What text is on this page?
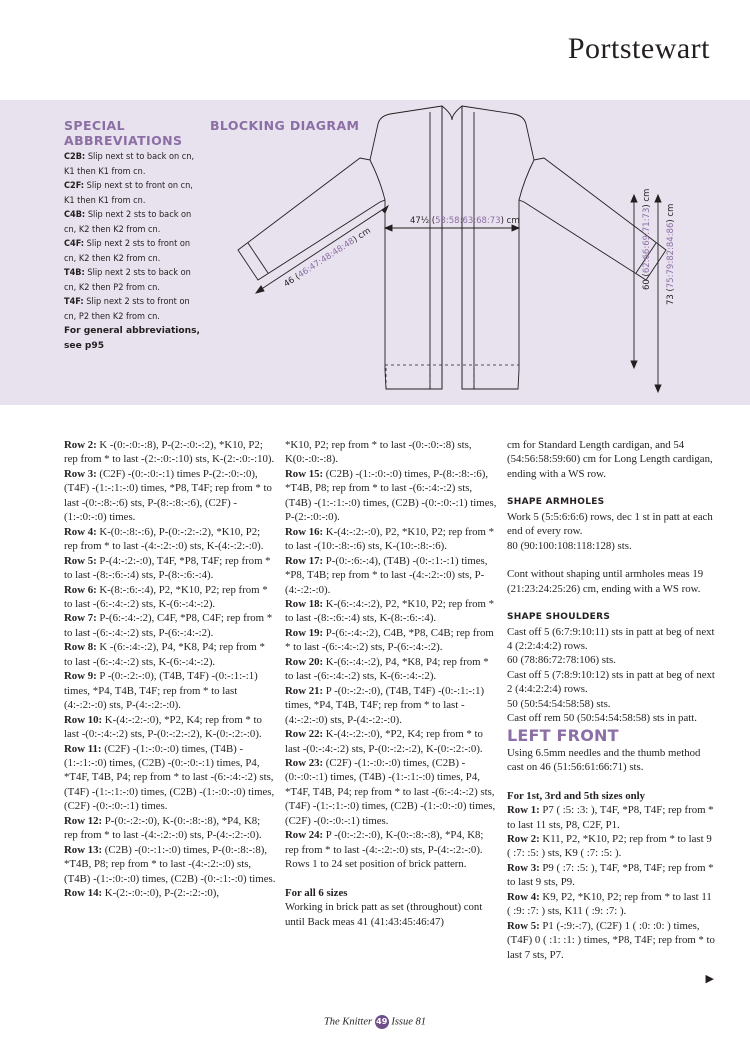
Portstewart
SPECIAL
ABBREVIATIONS
C2B: Slip next st to back on cn, K1 then K1 from cn.
C2F: Slip next st to front on cn, K1 then K1 from cn.
C4B: Slip next 2 sts to back on cn, K2 then K2 from cn.
C4F: Slip next 2 sts to front on cn, K2 then K2 from cn.
T4B: Slip next 2 sts to back on cn, K2 then P2 from cn.
T4F: Slip next 2 sts to front on cn, P2 then K2 from cn.
For general abbreviations, see p95
BLOCKING DIAGRAM
47½ (53:58:63:68:73) cm
46 (46:47:48:48:48) cm
60 (62:66:69:71:73) cm
73 (75:79:82:84:86) cm

Row 2: K -(0:-:0:-:8), P-(2:-:0:-:2), *K10, P2; rep from * to last -(2:-:0:-:10) sts, K-(2:-:0:-:10).

Row 3: (C2F) -(0:-:0:-:1) times P-(2:-:0:-:0), (T4F) -(1:-:1:-:0) times, *P8, T4F; rep from * to last -(0:-:8:-:6) sts, P-(8:-:8:-:6), (C2F) -(1:-:0:-:0) times.

Row 4: K-(0:-:8:-:6), P-(0:-:2:-:2), *K10, P2; rep from * to last -(4:-:2:-:0) sts, K-(4:-:2:-:0).

Row 5: P-(4:-:2:-:0), T4F, *P8, T4F; rep from * to last -(8:-:6:-:4) sts, P-(8:-:6:-:4).

Row 6: K-(8:-:6:-:4), P2, *K10, P2; rep from * to last -(6:-:4:-:2) sts, K-(6:-:4:-:2).

Row 7: P-(6:-:4:-:2), C4F, *P8, C4F; rep from * to last -(6:-:4:-:2) sts, P-(6:-:4:-:2).

Row 8: K -(6:-:4:-:2), P4, *K8, P4; rep from * to last -(6:-:4:-:2) sts, K-(6:-:4:-:2).

Row 9: P -(0:-:2:-:0), (T4B, T4F) -(0:-:1:-:1) times, *P4, T4B, T4F; rep from * to last (4:-:2:-:0) sts, P-(4:-:2:-:0).

Row 10: K-(4:-:2:-:0), *P2, K4; rep from * to last -(0:-:4:-:2) sts, P-(0:-:2:-:2), K-(0:-:2:-:0).

Row 11: (C2F) -(1:-:0:-:0) times, (T4B) -(1:-:1:-:0) times, (C2B) -(0:-:0:-:1) times, P4, *T4F, T4B, P4; rep from * to last -(6:-:4:-:2) sts, (T4F) -(1:-:1:-:0) times, (C2B) -(1:-:0:-:0) times, (C2F) -(0:-:0:-:1) times.

Row 12: P-(0:-:2:-:0), K-(0:-:8:-:8), *P4, K8; rep from * to last -(4:-:2:-:0) sts, P-(4:-:2:-:0).

Row 13: (C2B) -(0:-:1:-:0) times, P-(0:-:8:-:8), *T4B, P8; rep from * to last -(4:-:2:-:0) sts, (T4B) -(1:-:0:-:0) times, (C2B) -(0:-:1:-:0) times.

Row 14: K-(2:-:0:-:0), P-(2:-:2:-:0),

*K10, P2; rep from * to last -(0:-:0:-:8) sts, K(0:-:0:-:8).

Row 15: (C2B) -(1:-:0:-:0) times, P-(8:-:8:-:6), *T4B, P8; rep from * to last -(6:-:4:-:2) sts, (T4B) -(1:-:1:-:0) times, (C2B) -(0:-:0:-:1) times, P-(2:-:0:-:0).

Row 16: K-(4:-:2:-:0), P2, *K10, P2; rep from * to last -(10:-:8:-:6) sts, K-(10:-:8:-:6).

Row 17: P-(0:-:6:-:4), (T4B) -(0:-:1:-:1) times, *P8, T4B; rep from * to last -(4:-:2:-:0) sts, P-(4:-:2:-:0).

Row 18: K-(6:-:4:-:2), P2, *K10, P2; rep from * to last -(8:-:6:-:4) sts, K-(8:-:6:-:4).

Row 19: P-(6:-:4:-:2), C4B, *P8, C4B; rep from * to last -(6:-:4:-:2) sts, P-(6:-:4:-:2).

Row 20: K-(6:-:4:-:2), P4, *K8, P4; rep from * to last -(6:-:4:-:2) sts, K-(6:-:4:-:2).

Row 21: P -(0:-:2:-:0), (T4B, T4F) -(0:-:1:-:1) times, *P4, T4B, T4F; rep from * to last -(4:-:2:-:0) sts, P-(4:-:2:-:0).

Row 22: K-(4:-:2:-:0), *P2, K4; rep from * to last -(0:-:4:-:2) sts, P-(0:-:2:-:2), K-(0:-:2:-:0).

Row 23: (C2F) -(1:-:0:-:0) times, (C2B) -(0:-:0:-:1) times, (T4B) -(1:-:1:-:0) times, P4, *T4F, T4B, P4; rep from * to last -(6:-:4:-:2) sts, (T4F) -(1:-:1:-:0) times, (C2B) -(1:-:0:-:0) times, (C2F) -(0:-:0:-:1) times.

Row 24: P -(0:-:2:-:0), K-(0:-:8:-:8), *P4, K8; rep from * to last -(4:-:2:-:0) sts, P-(4:-:2:-:0).

Rows 1 to 24 set position of brick pattern.

For all 6 sizes

Working in brick patt as set (throughout) cont until Back meas 41 (41:43:45:46:47)

cm for Standard Length cardigan, and 54 (54:56:58:59:60) cm for Long Length cardigan, ending with a WS row.

SHAPE ARMHOLES

Work 5 (5:5:6:6:6) rows, dec 1 st in patt at each end of every row.

80 (90:100:108:118:128) sts.

Cont without shaping until armholes meas 19 (21:23:24:25:26) cm, ending with a WS row.

SHAPE SHOULDERS

Cast off 5 (6:7:9:10:11) sts in patt at beg of next 4 (2:2:4:4:2) rows.

60 (78:86:72:78:106) sts.

Cast off 5 (7:8:9:10:12) sts in patt at beg of next 2 (4:4:2:2:4) rows.

50 (50:54:54:58:58) sts.

Cast off rem 50 (50:54:54:58:58) sts in patt.

LEFT FRONT

Using 6.5mm needles and the thumb method cast on 46 (51:56:61:66:71) sts.

For 1st, 3rd and 5th sizes only

Row 1: P7 ( :5: :3: ), T4F, *P8, T4F; rep from * to last 11 sts, P8, C2F, P1.

Row 2: K11, P2, *K10, P2; rep from * to last 9 ( :7: :5: ) sts, K9 ( :7: :5: ).

Row 3: P9 ( :7: :5: ), T4F, *P8, T4F; rep from * to last 9 sts, P9.

Row 4: K9, P2, *K10, P2; rep from * to last 11 ( :9: :7: ) sts, K11 ( :9: :7: ).

Row 5: P1 (-:9:-:7), (C2F) 1 ( :0: :0: ) times, (T4F) 0 ( :1: :1: ) times, *P8, T4F; rep from * to last 7 sts, P7.

▶
The Knitter 49 Issue 81
